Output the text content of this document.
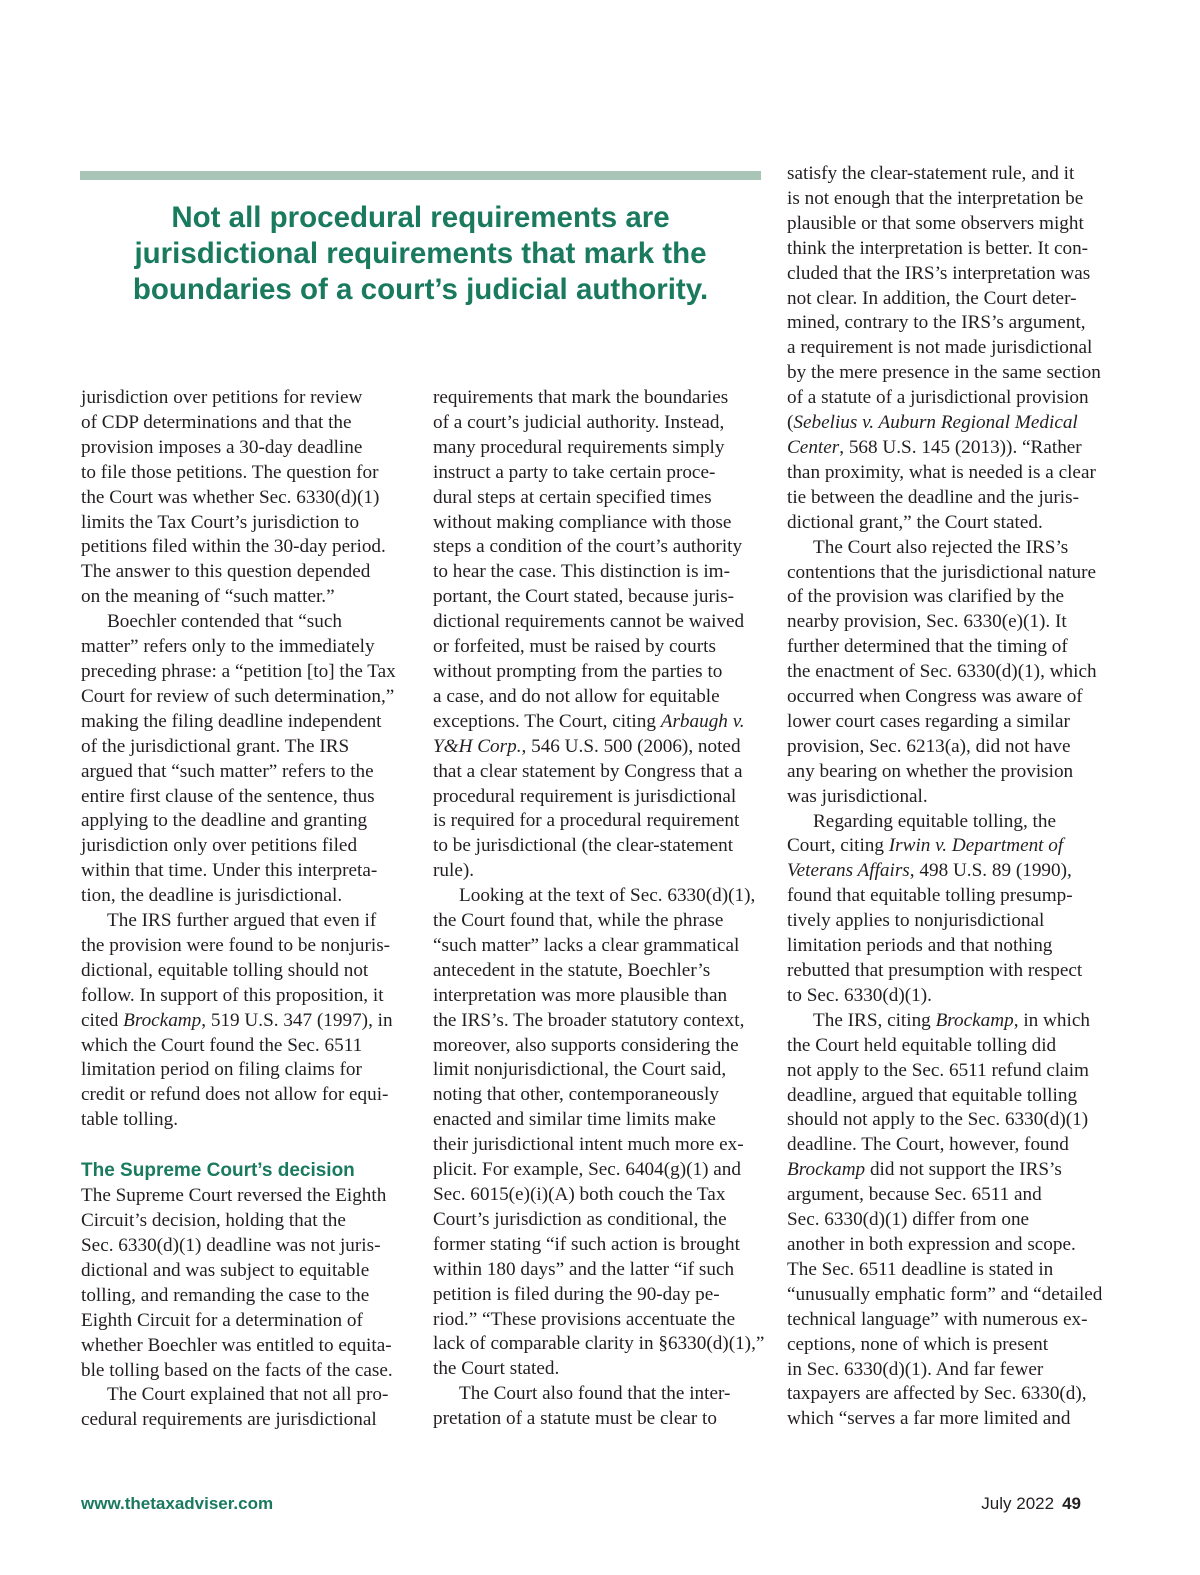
Not all procedural requirements are jurisdictional requirements that mark the boundaries of a court’s judicial authority.

jurisdiction over petitions for review
of CDP determinations and that the
provision imposes a 30-day deadline
to file those petitions. The question for
the Court was whether Sec. 6330(d)(1)
limits the Tax Court’s jurisdiction to
petitions filed within the 30-day period.
The answer to this question depended
on the meaning of “such matter.”

Boechler contended that “such
matter” refers only to the immediately
preceding phrase: a “petition [to] the Tax
Court for review of such determination,”
making the filing deadline independent
of the jurisdictional grant. The IRS
argued that “such matter” refers to the
entire first clause of the sentence, thus
applying to the deadline and granting
jurisdiction only over petitions filed
within that time. Under this interpreta-
tion, the deadline is jurisdictional.

The IRS further argued that even if
the provision were found to be nonjuris-
dictional, equitable tolling should not
follow. In support of this proposition, it
cited Brockamp, 519 U.S. 347 (1997), in
which the Court found the Sec. 6511
limitation period on filing claims for
credit or refund does not allow for equi-
table tolling.

The Supreme Court’s decision

The Supreme Court reversed the Eighth
Circuit’s decision, holding that the
Sec. 6330(d)(1) deadline was not juris-
dictional and was subject to equitable
tolling, and remanding the case to the
Eighth Circuit for a determination of
whether Boechler was entitled to equita-
ble tolling based on the facts of the case.

The Court explained that not all pro-
cedural requirements are jurisdictional

requirements that mark the boundaries
of a court’s judicial authority. Instead,
many procedural requirements simply
instruct a party to take certain proce-
dural steps at certain specified times
without making compliance with those
steps a condition of the court’s authority
to hear the case. This distinction is im-
portant, the Court stated, because juris-
dictional requirements cannot be waived
or forfeited, must be raised by courts
without prompting from the parties to
a case, and do not allow for equitable
exceptions. The Court, citing Arbaugh v.
Y&H Corp., 546 U.S. 500 (2006), noted
that a clear statement by Congress that a
procedural requirement is jurisdictional
is required for a procedural requirement
to be jurisdictional (the clear-statement
rule).

Looking at the text of Sec. 6330(d)(1),
the Court found that, while the phrase
“such matter” lacks a clear grammatical
antecedent in the statute, Boechler’s
interpretation was more plausible than
the IRS’s. The broader statutory context,
moreover, also supports considering the
limit nonjurisdictional, the Court said,
noting that other, contemporaneously
enacted and similar time limits make
their jurisdictional intent much more ex-
plicit. For example, Sec. 6404(g)(1) and
Sec. 6015(e)(i)(A) both couch the Tax
Court’s jurisdiction as conditional, the
former stating “if such action is brought
within 180 days” and the latter “if such
petition is filed during the 90-day pe-
riod.” “These provisions accentuate the
lack of comparable clarity in §6330(d)(1),”
the Court stated.

The Court also found that the inter-
pretation of a statute must be clear to

satisfy the clear-statement rule, and it
is not enough that the interpretation be
plausible or that some observers might
think the interpretation is better. It con-
cluded that the IRS’s interpretation was
not clear. In addition, the Court deter-
mined, contrary to the IRS’s argument,
a requirement is not made jurisdictional
by the mere presence in the same section
of a statute of a jurisdictional provision
(Sebelius v. Auburn Regional Medical
Center, 568 U.S. 145 (2013)). “Rather
than proximity, what is needed is a clear
tie between the deadline and the juris-
dictional grant,” the Court stated.

The Court also rejected the IRS’s
contentions that the jurisdictional nature
of the provision was clarified by the
nearby provision, Sec. 6330(e)(1). It
further determined that the timing of
the enactment of Sec. 6330(d)(1), which
occurred when Congress was aware of
lower court cases regarding a similar
provision, Sec. 6213(a), did not have
any bearing on whether the provision
was jurisdictional.

Regarding equitable tolling, the
Court, citing Irwin v. Department of
Veterans Affairs, 498 U.S. 89 (1990),
found that equitable tolling presump-
tively applies to nonjurisdictional
limitation periods and that nothing
rebutted that presumption with respect
to Sec. 6330(d)(1).

The IRS, citing Brockamp, in which
the Court held equitable tolling did
not apply to the Sec. 6511 refund claim
deadline, argued that equitable tolling
should not apply to the Sec. 6330(d)(1)
deadline. The Court, however, found
Brockamp did not support the IRS’s
argument, because Sec. 6511 and
Sec. 6330(d)(1) differ from one
another in both expression and scope.
The Sec. 6511 deadline is stated in
“unusually emphatic form” and “detailed
technical language” with numerous ex-
ceptions, none of which is present
in Sec. 6330(d)(1). And far fewer
taxpayers are affected by Sec. 6330(d),
which “serves a far more limited and

www.thetaxadviser.com	July 2022 49
